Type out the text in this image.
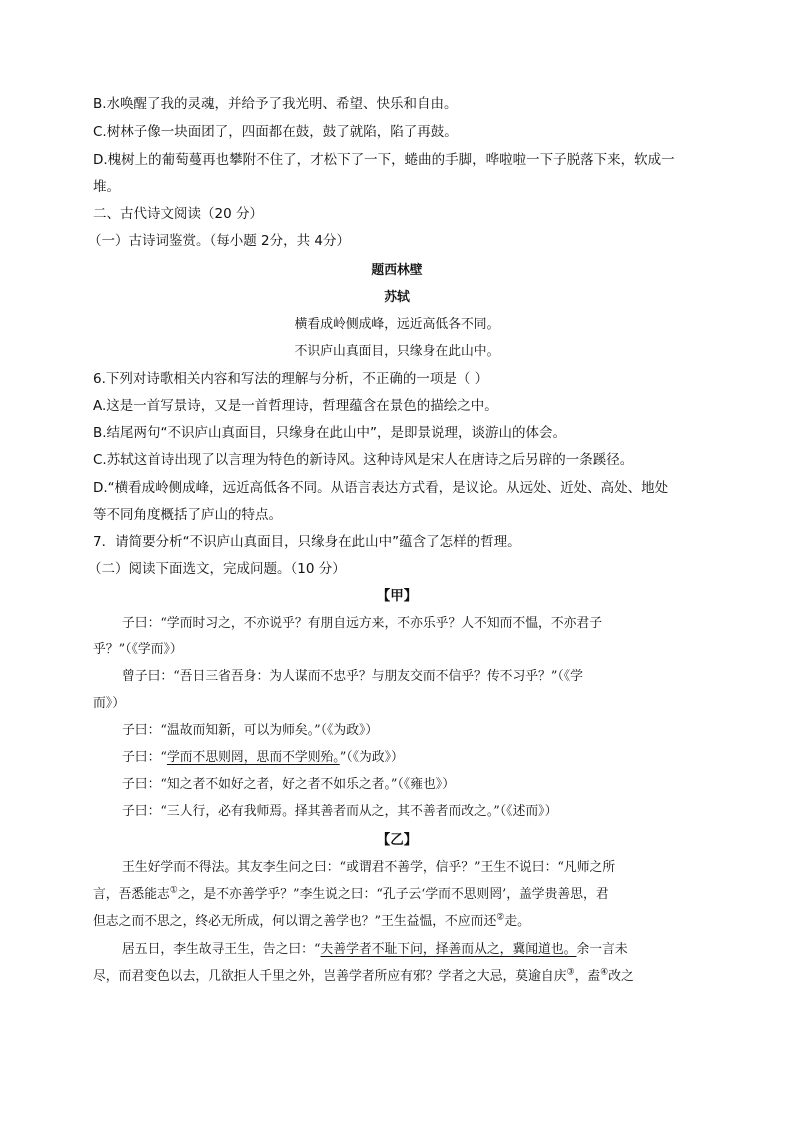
B.水唤醒了我的灵魂，并给予了我光明、希望、快乐和自由。
C.树林子像一块面团了，四面都在鼓，鼓了就陷，陷了再鼓。
D.槐树上的葡萄蔓再也攀附不住了，才松下了一下，蜷曲的手脚，哗啦啦一下子脱落下来，软成一
堆。
二、古代诗文阅读（20 分）
（一）古诗词鉴赏。（每小题 2分，共 4分）
题西林壁
苏轼
横看成岭侧成峰，远近高低各不同。
不识庐山真面目，只缘身在此山中。
6.下列对诗歌相关内容和写法的理解与分析，不正确的一项是（ ）
A.这是一首写景诗，又是一首哲理诗，哲理蕴含在景色的描绘之中。
B.结尾两句“不识庐山真面目，只缘身在此山中”，是即景说理，谈游山的体会。
C.苏轼这首诗出现了以言理为特色的新诗风。这种诗风是宋人在唐诗之后另辟的一条蹊径。
D.“横看成岭侧成峰，远近高低各不同。从语言表达方式看，是议论。从远处、近处、高处、地处
等不同角度概括了庐山的特点。
7．请简要分析“不识庐山真面目，只缘身在此山中”蕴含了怎样的哲理。
（二）阅读下面选文，完成问题。（10 分）
【甲】
子曰：“学而时习之，不亦说乎？有朋自远方来，不亦乐乎？人不知而不愠，不亦君子
乎？”（《学而》）
曾子曰：“吾日三省吾身：为人谋而不忠乎？与朋友交而不信乎？传不习乎？”（《学
而》）
子曰：“温故而知新，可以为师矣。”（《为政》）
子曰：“学而不思则罔，思而不学则殆。”（《为政》）
子曰：“知之者不如好之者，好之者不如乐之者。”（《雍也》）
子曰：“三人行，必有我师焉。择其善者而从之，其不善者而改之。”（《述而》）
【乙】
王生好学而不得法。其友李生问之曰：“或谓君不善学，信乎？”王生不说曰：“凡师之所
言，吾悉能志①之，是不亦善学乎？”李生说之曰：“孔子云‘学而不思则罔’，盖学贵善思，君
但志之而不思之，终必无所成，何以谓之善学也？”王生益愠，不应而还②走。
居五日，李生故寻王生，告之曰：“夫善学者不耻下问，择善而从之，冀闻道也。余一言未
尽，而君变色以去，几欲拒人千里之外，岂善学者所应有邪？学者之大忌，莫逾自庆③，盍④改之
